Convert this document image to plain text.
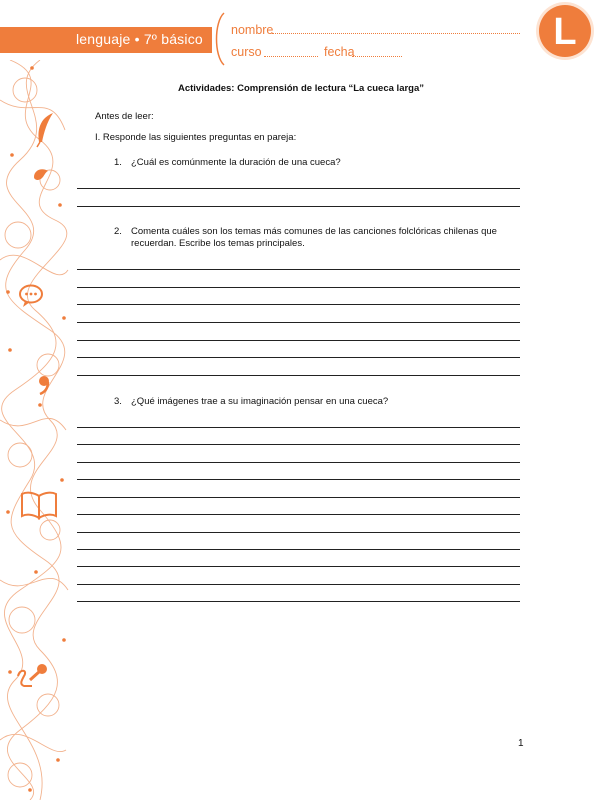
lenguaje • 7º básico
nombre
curso	fecha	L
Actividades: Comprensión de lectura “La cueca larga”
Antes de leer:
I. Responde las siguientes preguntas en pareja:
1. ¿Cuál es comúnmente la duración de una cueca?
2. Comenta cuáles son los temas más comunes de las canciones folclóricas chilenas que recuerdan. Escribe los temas principales.
3. ¿Qué imágenes trae a su imaginación pensar en una cueca?
1
